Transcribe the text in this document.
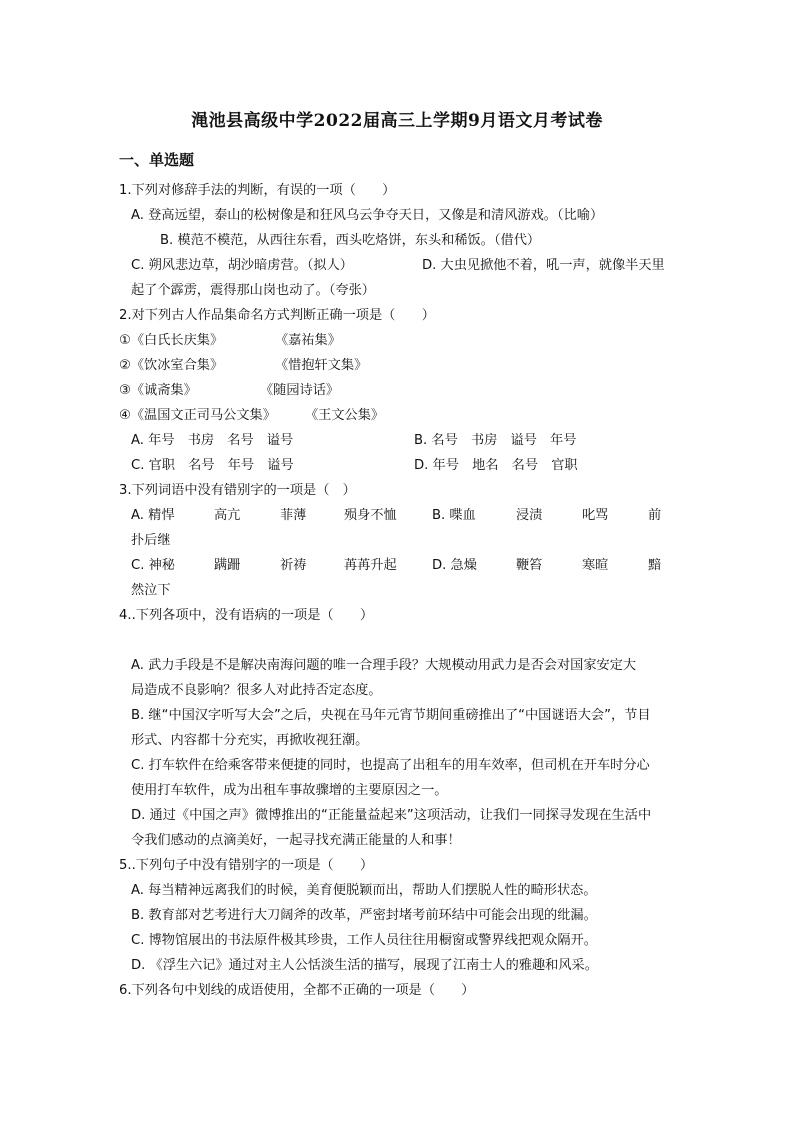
渑池县高级中学2022届高三上学期9月语文月考试卷
一、单选题
1.下列对修辞手法的判断，有误的一项（　　）
A. 登高远望，泰山的松树像是和狂风乌云争夺天日，又像是和清风游戏。（比喻）
B. 模范不模范，从西往东看，西头吃烙饼，东头和稀饭。（借代）
C. 朔风悲边草，胡沙暗虏营。（拟人）	D. 大虫见掀他不着，吼一声，就像半天里
起了个霹雳，震得那山岗也动了。（夸张）
2.对下列古人作品集命名方式判断正确一项是（　　）
①《白氏长庆集》	《嘉祐集》
②《饮冰室合集》	《惜抱轩文集》
③《诚斋集》	《随园诗话》
④《温国文正司马公文集》 《王文公集》
A. 年号　书房　名号　谥号	B. 名号　书房　谥号　年号
C. 官职　名号　年号　谥号	D. 年号　地名　名号　官职
3.下列词语中没有错别字的一项是（　）
A. 精悍	高亢	菲薄	殒身不恤	B. 喋血	浸渍	叱骂	前
扑后继
C. 神秘	蹒跚	祈祷	苒苒升起	D. 急燥	鞭笞	寒暄	黯
然泣下
4..下列各项中，没有语病的一项是（　　）
A. 武力手段是不是解决南海问题的唯一合理手段？大规模动用武力是否会对国家安定大
局造成不良影响？很多人对此持否定态度。
B. 继“中国汉字听写大会”之后，央视在马年元宵节期间重磅推出了“中国谜语大会”，节目
形式、内容都十分充实，再掀收视狂潮。
C. 打车软件在给乘客带来便捷的同时，也提高了出租车的用车效率，但司机在开车时分心
使用打车软件，成为出租车事故骤增的主要原因之一。
D. 通过《中国之声》微博推出的“正能量益起来”这项活动，让我们一同探寻发现在生活中
令我们感动的点滴美好，一起寻找充满正能量的人和事！
5..下列句子中没有错别字的一项是（　　）
A. 每当精神远离我们的时候，美育便脱颖而出，帮助人们摆脱人性的畸形状态。
B. 教育部对艺考进行大刀阔斧的改革，严密封堵考前环结中可能会出现的纰漏。
C. 博物馆展出的书法原件极其珍贵，工作人员往往用橱窗或警界线把观众隔开。
D. 《浮生六记》通过对主人公恬淡生活的描写，展现了江南士人的雅趣和风采。
6.下列各句中划线的成语使用，全都不正确的一项是（　　）
